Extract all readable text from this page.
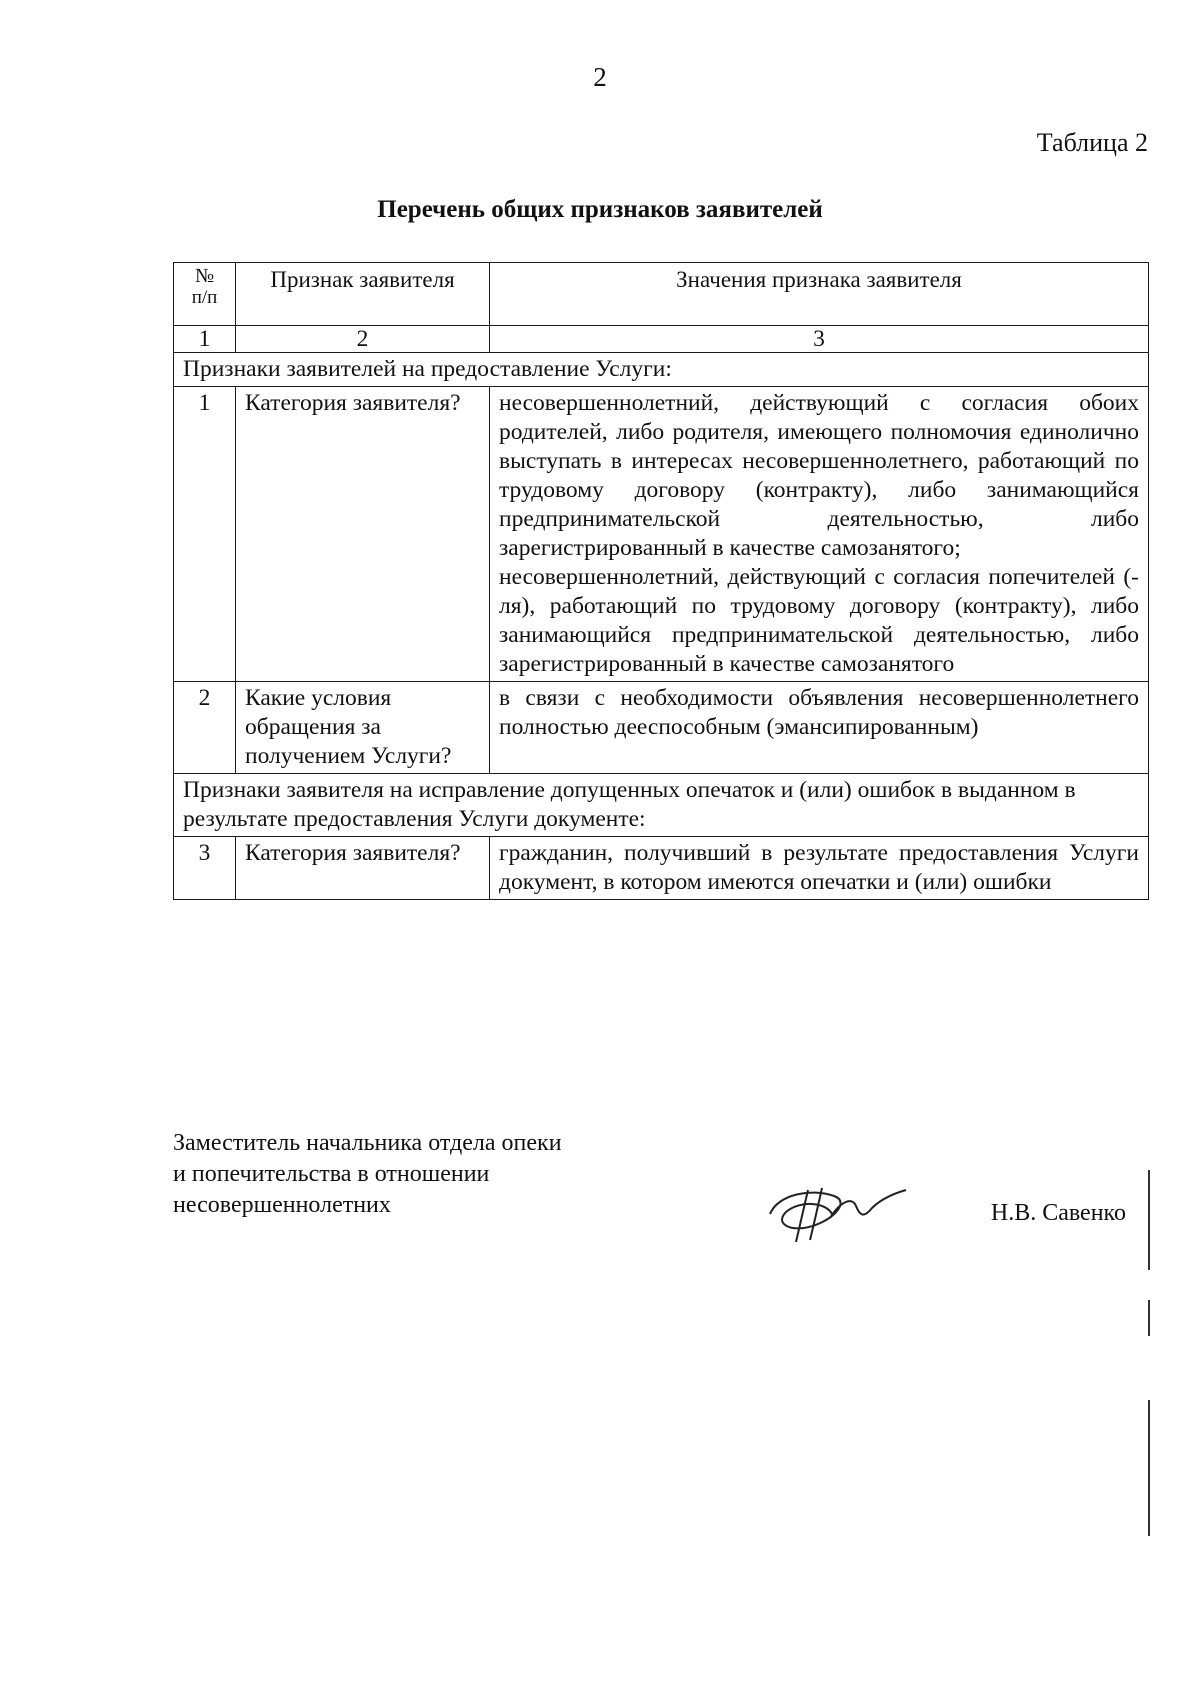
2
Таблица 2
Перечень общих признаков заявителей
№
п/п	Признак заявителя	Значения признака заявителя
1	2	3
Признаки заявителей на предоставление Услуги:		
1	Категория заявителя?	несовершеннолетний, действующий с согласия обоих родителей, либо родителя, имеющего полномочия единолично выступать в интересах несовершеннолетнего, работающий по трудовому договору (контракту), либо занимающийся предпринимательской деятельностью, либо зарегистрированный в качестве самозанятого;
несовершеннолетний, действующий с согласия попечителей (-ля), работающий по трудовому договору (контракту), либо занимающийся предпринимательской деятельностью, либо зарегистрированный в качестве самозанятого

2	Какие условия обращения за получением Услуги?	в связи с необходимости объявления несовершеннолетнего полностью дееспособным (эмансипированным)
Признаки заявителя на исправление допущенных опечаток и (или) ошибок в выданном в результате предоставления Услуги документе:		
3	Категория заявителя?	гражданин, получивший в результате предоставления Услуги документ, в котором имеются опечатки и (или) ошибки
Заместитель начальника отдела опеки
и попечительства в отношении
несовершеннолетних	Н.В. Савенко
